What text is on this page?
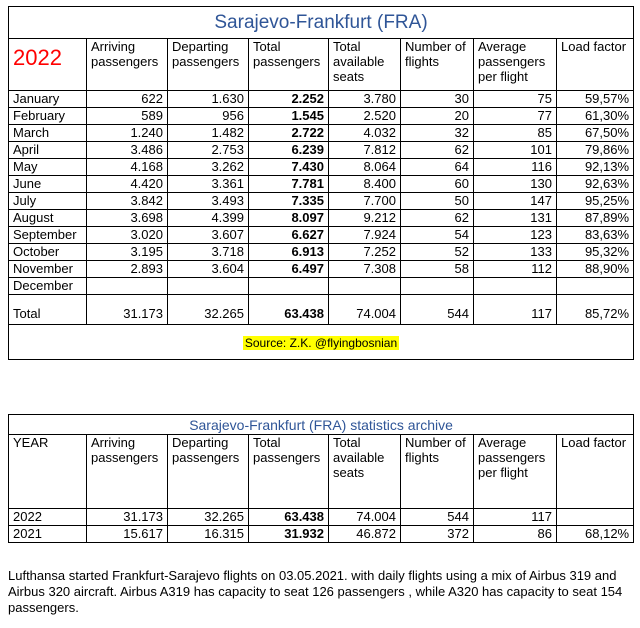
Sarajevo-Frankfurt (FRA)							
2022	Arriving passengers	Departing passengers	Total passengers	Total available seats	Number of flights	Average passengers per flight	Load factor
January	622	1.630	2.252	3.780	30	75	59,57%
February	589	956	1.545	2.520	20	77	61,30%
March	1.240	1.482	2.722	4.032	32	85	67,50%
April	3.486	2.753	6.239	7.812	62	101	79,86%
May	4.168	3.262	7.430	8.064	64	116	92,13%
June	4.420	3.361	7.781	8.400	60	130	92,63%
July	3.842	3.493	7.335	7.700	50	147	95,25%
August	3.698	4.399	8.097	9.212	62	131	87,89%
September	3.020	3.607	6.627	7.924	54	123	83,63%
October	3.195	3.718	6.913	7.252	52	133	95,32%
November	2.893	3.604	6.497	7.308	58	112	88,90%
December							
Total	31.173	32.265	63.438	74.004	544	117	85,72%
Source: Z.K. @flyingbosnian							
Sarajevo-Frankfurt (FRA) statistics archive							
YEAR	Arriving passengers	Departing passengers	Total passengers	Total available seats	Number of flights	Average passengers per flight	Load factor
2022	31.173	32.265	63.438	74.004	544	117	
2021	15.617	16.315	31.932	46.872	372	86	68,12%
Lufthansa started Frankfurt-Sarajevo flights on 03.05.2021. with daily flights using a mix of Airbus 319 and Airbus 320 aircraft. Airbus A319 has capacity to seat 126 passengers , while A320 has capacity to seat 154 passengers.
